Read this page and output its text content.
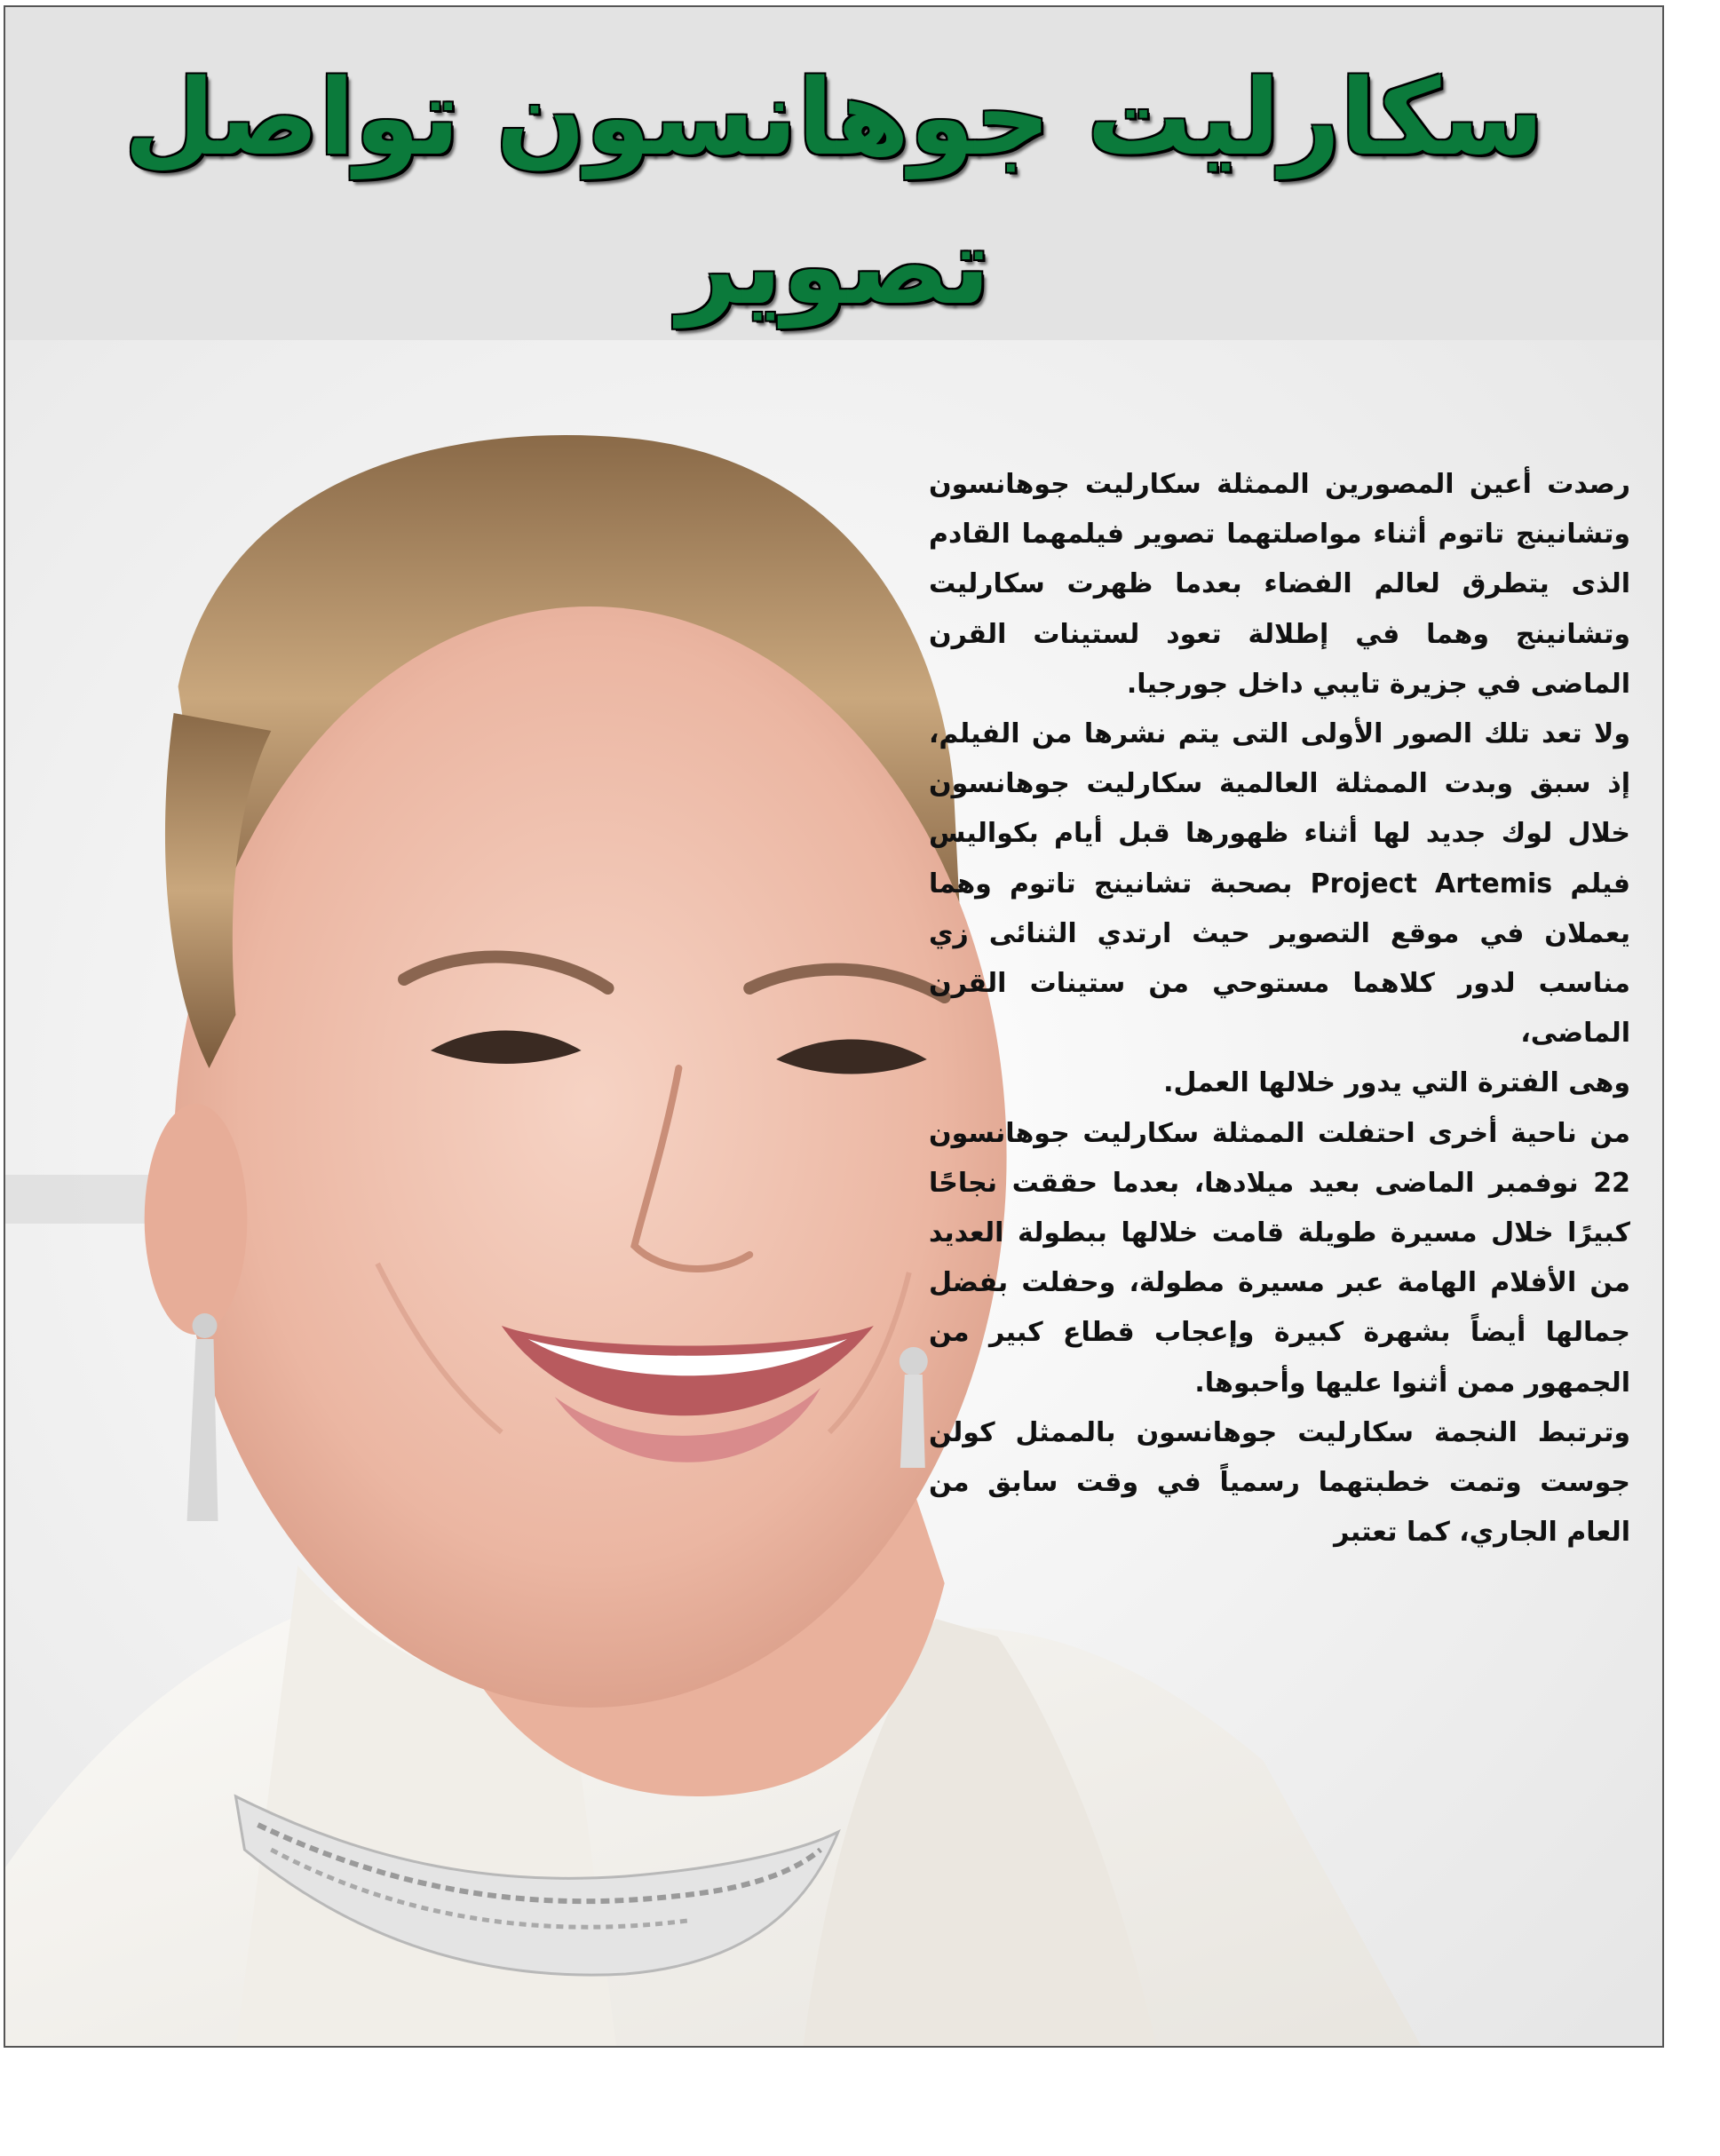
سكارليت جوهانسون تواصل تصوير

رصدت أعين المصورين الممثلة سكارليت جوهانسون وتشانينج تاتوم أثناء مواصلتهما تصوير فيلمهما القادم الذى يتطرق لعالم الفضاء بعدما ظهرت سكارليت وتشانينج وهما في إطلالة تعود لستينات القرن الماضى في جزيرة تايبي داخل جورجيا.

ولا تعد تلك الصور الأولى التى يتم نشرها من الفيلم، إذ سبق وبدت الممثلة العالمية سكارليت جوهانسون خلال لوك جديد لها أثناء ظهورها قبل أيام بكواليس فيلم Project Artemis بصحبة تشانينج تاتوم وهما يعملان في موقع التصوير حيث ارتدي الثنائى زي مناسب لدور كلاهما مستوحي من ستينات القرن الماضى،

وهى الفترة التي يدور خلالها العمل.

من ناحية أخرى احتفلت الممثلة سكارليت جوهانسون 22 نوفمبر الماضى بعيد ميلادها، بعدما حققت نجاحًا كبيرًا خلال مسيرة طويلة قامت خلالها ببطولة العديد من الأفلام الهامة عبر مسيرة مطولة، وحفلت بفضل جمالها أيضاً بشهرة كبيرة وإعجاب قطاع كبير من الجمهور ممن أثنوا عليها وأحبوها.

وترتبط النجمة سكارليت جوهانسون بالممثل كولن جوست وتمت خطبتهما رسمياً في وقت سابق من العام الجاري، كما تعتبر
